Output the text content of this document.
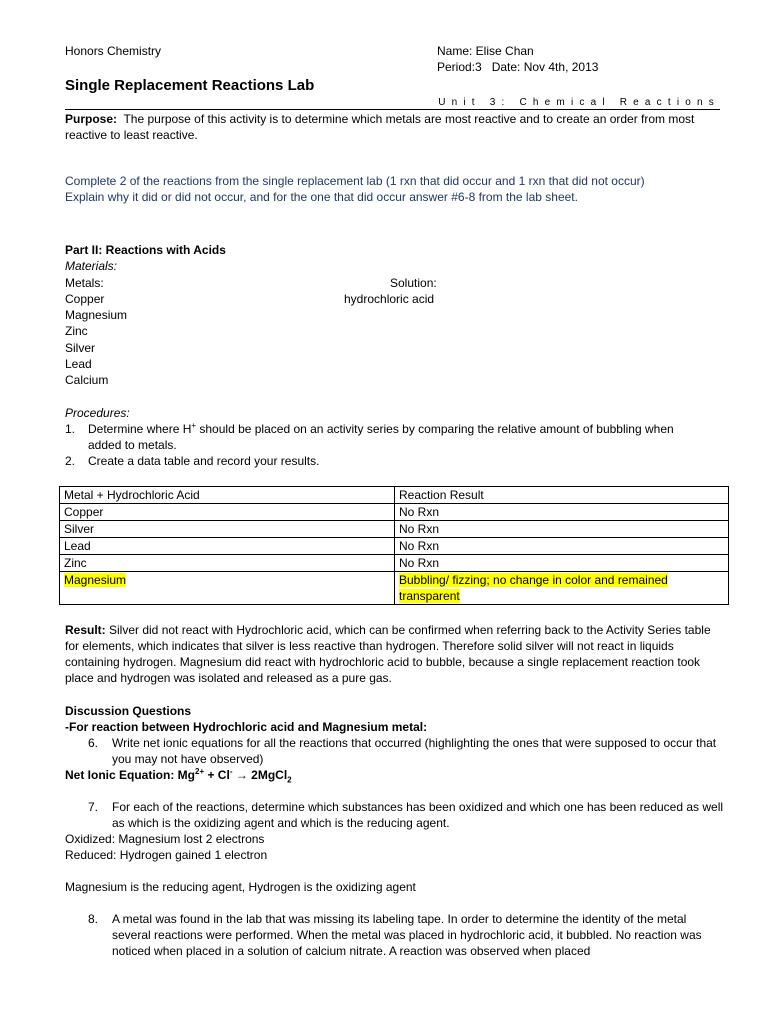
Honors Chemistry	Name: Elise Chan
Period:3   Date: Nov 4th, 2013
Single Replacement Reactions Lab
Unit 3: Chemical Reactions
Purpose: The purpose of this activity is to determine which metals are most reactive and to create an order from most reactive to least reactive.
Complete 2 of the reactions from the single replacement lab (1 rxn that did occur and 1 rxn that did not occur)
Explain why it did or did not occur, and for the one that did occur answer #6-8 from the lab sheet.
Part II: Reactions with Acids
Materials:
Metals:
Copper
Magnesium
Zinc
Silver
Lead
Calcium
Solution:
hydrochloric acid
Procedures:
1. Determine where H+ should be placed on an activity series by comparing the relative amount of bubbling when added to metals.
2. Create a data table and record your results.
Metal + Hydrochloric Acid	Reaction Result
Copper	No Rxn
Silver	No Rxn
Lead	No Rxn
Zinc	No Rxn
Magnesium	Bubbling/ fizzing; no change in color and remained transparent
Result: Silver did not react with Hydrochloric acid, which can be confirmed when referring back to the Activity Series table for elements, which indicates that silver is less reactive than hydrogen. Therefore solid silver will not react in liquids containing hydrogen. Magnesium did react with hydrochloric acid to bubble, because a single replacement reaction took place and hydrogen was isolated and released as a pure gas.
Discussion Questions
-For reaction between Hydrochloric acid and Magnesium metal:
6. Write net ionic equations for all the reactions that occurred (highlighting the ones that were supposed to occur that you may not have observed)
Net Ionic Equation: $Mg^{2+} + Cl^-$ → 2MgCl$_2$
7. For each of the reactions, determine which substances has been oxidized and which one has been reduced as well as which is the oxidizing agent and which is the reducing agent.
Oxidized: Magnesium lost 2 electrons
Reduced: Hydrogen gained 1 electron
Magnesium is the reducing agent, Hydrogen is the oxidizing agent
8. A metal was found in the lab that was missing its labeling tape. In order to determine the identity of the metal several reactions were performed. When the metal was placed in hydrochloric acid, it bubbled. No reaction was noticed when placed in a solution of calcium nitrate. A reaction was observed when placed
